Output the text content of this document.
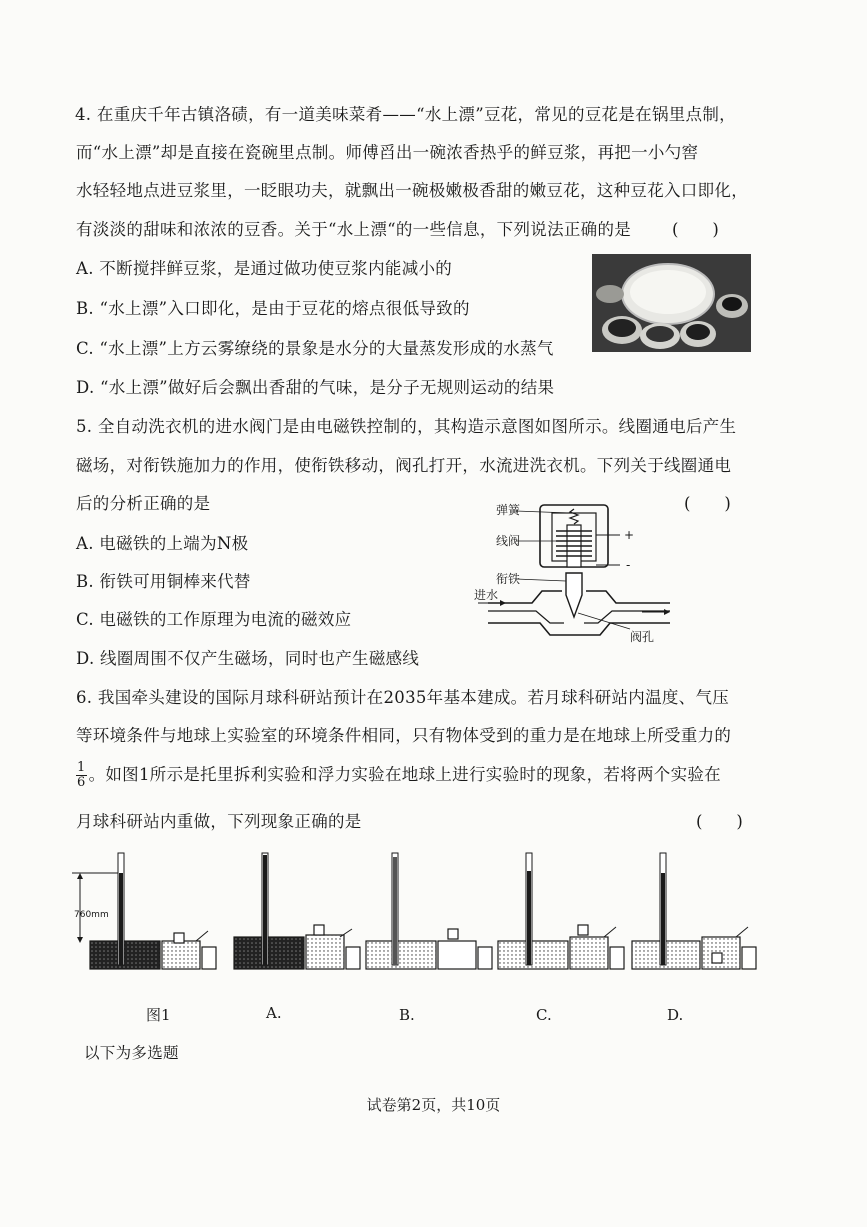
4. 在重庆千年古镇洛碛，有一道美味菜肴——“水上漂”豆花，常见的豆花是在锅里点制，
而“水上漂”却是直接在瓷碗里点制。师傅舀出一碗浓香热乎的鲜豆浆，再把一小勺窖
水轻轻地点进豆浆里，一眨眼功夫，就飘出一碗极嫩极香甜的嫩豆花，这种豆花入口即化，
有淡淡的甜味和浓浓的豆香。关于“水上漂“的一些信息，下列说法正确的是 (　　)
A. 不断搅拌鲜豆浆，是通过做功使豆浆内能减小的
B. “水上漂”入口即化，是由于豆花的熔点很低导致的
C. “水上漂”上方云雾缭绕的景象是水分的大量蒸发形成的水蒸气
D. “水上漂”做好后会飘出香甜的气味，是分子无规则运动的结果
5. 全自动洗衣机的进水阀门是由电磁铁控制的，其构造示意图如图所示。线圈通电后产生
磁场，对衔铁施加力的作用，使衔铁移动，阀孔打开，水流进洗衣机。下列关于线圈通电
后的分析正确的是	(　　)
A. 电磁铁的上端为N极
B. 衔铁可用铜棒来代替
C. 电磁铁的工作原理为电流的磁效应
D. 线圈周围不仅产生磁场，同时也产生磁感线
弹簧
线阀
衔铁
进水
阀孔
+
-
6. 我国牵头建设的国际月球科研站预计在2035年基本建成。若月球科研站内温度、气压
等环境条件与地球上实验室的环境条件相同，只有物体受到的重力是在地球上所受重力的
$\frac{1}{6}$ 。如图1所示是托里拆利实验和浮力实验在地球上进行实验时的现象，若将两个实验在
月球科研站内重做，下列现象正确的是	(　　)
760mm
图1	A.	B.	C.	D.
以下为多选题
试卷第2页，共10页
